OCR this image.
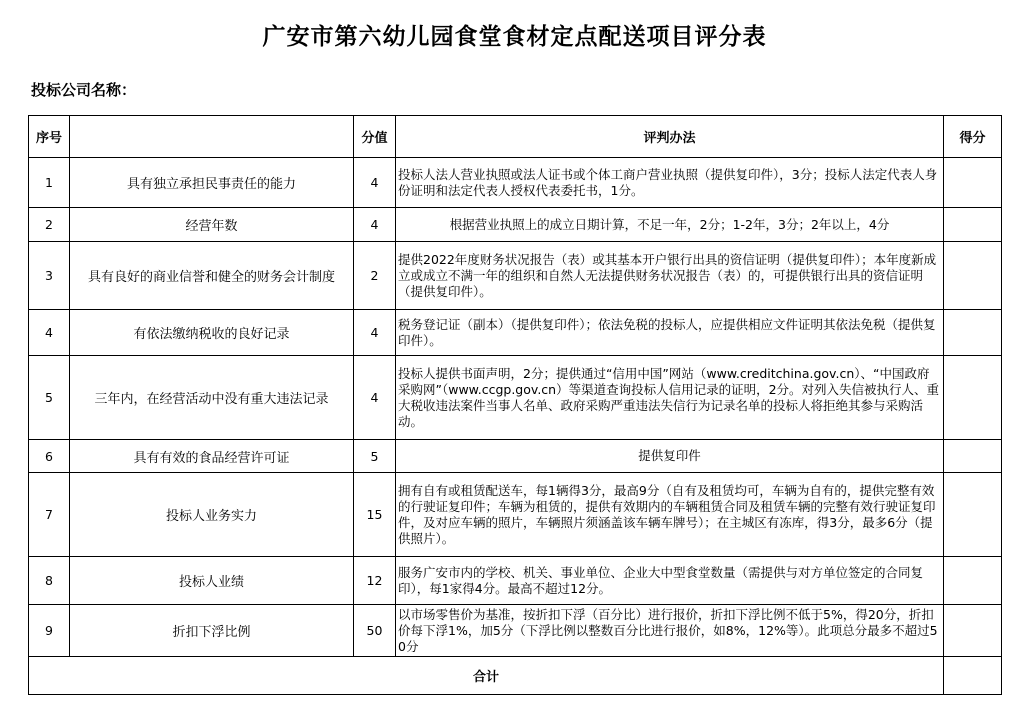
广安市第六幼儿园食堂食材定点配送项目评分表
投标公司名称：
序号		分值	评判办法	得分
1	具有独立承担民事责任的能力	4	投标人法人营业执照或法人证书或个体工商户营业执照（提供复印件），3分；投标人法定代表人身份证明和法定代表人授权代表委托书，1分。	
2	经营年数	4	根据营业执照上的成立日期计算，不足一年，2分；1-2年，3分；2年以上，4分	
3	具有良好的商业信誉和健全的财务会计制度	2	提供2022年度财务状况报告（表）或其基本开户银行出具的资信证明（提供复印件）；本年度新成立或成立不满一年的组织和自然人无法提供财务状况报告（表）的，可提供银行出具的资信证明（提供复印件）。	
4	有依法缴纳税收的良好记录	4	税务登记证（副本）（提供复印件）；依法免税的投标人，应提供相应文件证明其依法免税（提供复印件）。	
5	三年内，在经营活动中没有重大违法记录	4	投标人提供书面声明，2分；提供通过“信用中国”网站（www.creditchina.gov.cn）、“中国政府采购网”（www.ccgp.gov.cn）等渠道查询投标人信用记录的证明，2分。对列入失信被执行人、重大税收违法案件当事人名单、政府采购严重违法失信行为记录名单的投标人将拒绝其参与采购活动。	
6	具有有效的食品经营许可证	5	提供复印件	
7	投标人业务实力	15	拥有自有或租赁配送车，每1辆得3分，最高9分（自有及租赁均可，车辆为自有的，提供完整有效的行驶证复印件；车辆为租赁的，提供有效期内的车辆租赁合同及租赁车辆的完整有效行驶证复印件，及对应车辆的照片，车辆照片须涵盖该车辆车牌号）；在主城区有冻库，得3分，最多6分（提供照片）。	
8	投标人业绩	12	服务广安市内的学校、机关、事业单位、企业大中型食堂数量（需提供与对方单位签定的合同复印），每1家得4分。最高不超过12分。	
9	折扣下浮比例	50	以市场零售价为基准，按折扣下浮（百分比）进行报价，折扣下浮比例不低于5%，得20分，折扣价每下浮1%，加5分（下浮比例以整数百分比进行报价，如8%，12%等）。此项总分最多不超过50分	
合计				
